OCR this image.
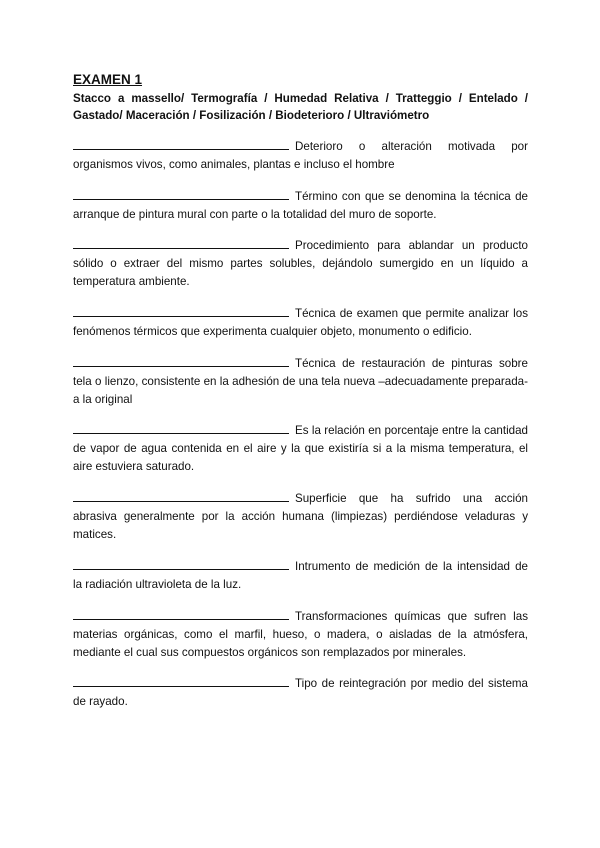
EXAMEN 1

Stacco a massello/ Termografía / Humedad Relativa / Tratteggio / Entelado / Gastado/ Maceración / Fosilización / Biodeterioro / Ultraviómetro

Deterioro o alteración motivada por organismos vivos, como animales, plantas e incluso el hombre

Término con que se denomina la técnica de arranque de pintura mural con parte o la totalidad del muro de soporte.

Procedimiento para ablandar un producto sólido o extraer del mismo partes solubles, dejándolo sumergido en un líquido a temperatura ambiente.

Técnica de examen que permite analizar los fenómenos térmicos que experimenta cualquier objeto, monumento o edificio.

Técnica de restauración de pinturas sobre tela o lienzo, consistente en la adhesión de una tela nueva –adecuadamente preparada- a la original

Es la relación en porcentaje entre la cantidad de vapor de agua contenida en el aire y la que existiría si a la misma temperatura, el aire estuviera saturado.

Superficie que ha sufrido una acción abrasiva generalmente por la acción humana (limpiezas) perdiéndose veladuras y matices.

Intrumento de medición de la intensidad de la radiación ultravioleta de la luz.

Transformaciones químicas que sufren las materias orgánicas, como el marfil, hueso, o madera, o aisladas de la atmósfera, mediante el cual sus compuestos orgánicos son remplazados por minerales.

Tipo de reintegración por medio del sistema de rayado.
